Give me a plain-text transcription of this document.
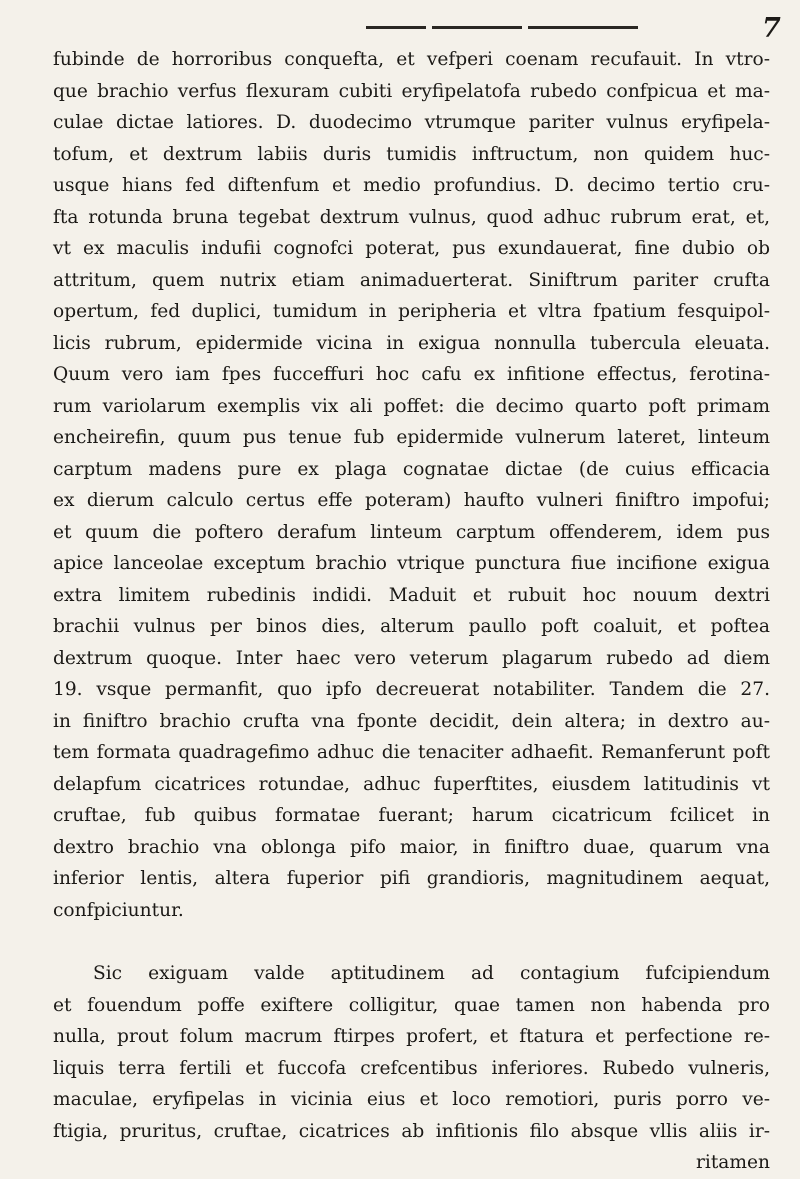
7
fubinde de horroribus conquefta, et vefperi coenam recufauit. In vtro-
que brachio verfus flexuram cubiti eryfipelatofa rubedo confpicua et ma-
culae dictae latiores. D. duodecimo vtrumque pariter vulnus eryfipela-
tofum, et dextrum labiis duris tumidis inftructum, non quidem huc-
usque hians fed diftenfum et medio profundius. D. decimo tertio cru-
fta rotunda bruna tegebat dextrum vulnus, quod adhuc rubrum erat, et,
vt ex maculis indufii cognofci poterat, pus exundauerat, fine dubio ob
attritum, quem nutrix etiam animaduerterat. Siniftrum pariter crufta
opertum, fed duplici, tumidum in peripheria et vltra fpatium fesquipol-
licis rubrum, epidermide vicina in exigua nonnulla tubercula eleuata.
Quum vero iam fpes fucceffuri hoc cafu ex infitione effectus, ferotina-
rum variolarum exemplis vix ali poffet: die decimo quarto poft primam
encheirefin, quum pus tenue fub epidermide vulnerum lateret, linteum
carptum madens pure ex plaga cognatae dictae (de cuius efficacia
ex dierum calculo certus effe poteram) haufto vulneri finiftro impofui;
et quum die poftero derafum linteum carptum offenderem, idem pus
apice lanceolae exceptum brachio vtrique punctura fiue incifione exigua
extra limitem rubedinis indidi. Maduit et rubuit hoc nouum dextri
brachii vulnus per binos dies, alterum paullo poft coaluit, et poftea
dextrum quoque. Inter haec vero veterum plagarum rubedo ad diem
19. vsque permanfit, quo ipfo decreuerat notabiliter. Tandem die 27.
in finiftro brachio crufta vna fponte decidit, dein altera; in dextro au-
tem formata quadragefimo adhuc die tenaciter adhaefit. Remanferunt poft
delapfum cicatrices rotundae, adhuc fuperftites, eiusdem latitudinis vt
cruftae, fub quibus formatae fuerant; harum cicatricum fcilicet in
dextro brachio vna oblonga pifo maior, in finiftro duae, quarum vna
inferior lentis, altera fuperior pifi grandioris, magnitudinem aequat,
confpiciuntur.
Sic exiguam valde aptitudinem ad contagium fufcipiendum
et fouendum poffe exiftere colligitur, quae tamen non habenda pro
nulla, prout folum macrum ftirpes profert, et ftatura et perfectione re-
liquis terra fertili et fuccofa crefcentibus inferiores. Rubedo vulneris,
maculae, eryfipelas in vicinia eius et loco remotiori, puris porro ve-
ftigia, pruritus, cruftae, cicatrices ab infitionis filo absque vllis aliis ir-
ritamen
